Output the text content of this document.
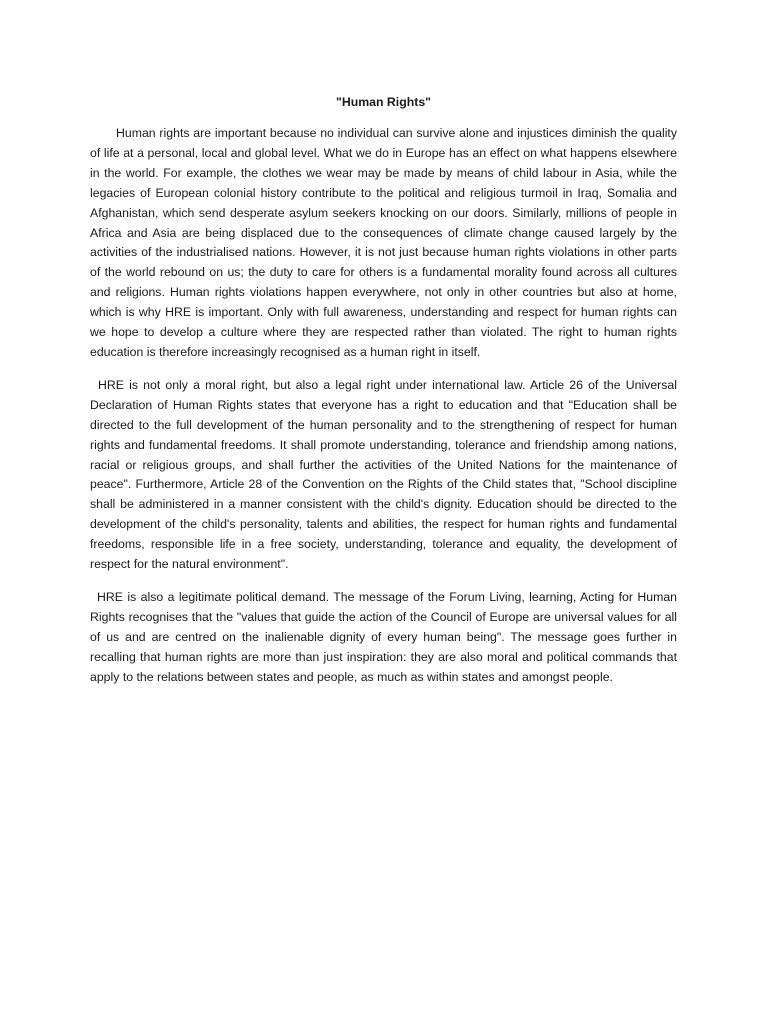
"Human Rights"

Human rights are important because no individual can survive alone and injustices diminish the quality of life at a personal, local and global level. What we do in Europe has an effect on what happens elsewhere in the world. For example, the clothes we wear may be made by means of child labour in Asia, while the legacies of European colonial history contribute to the political and religious turmoil in Iraq, Somalia and Afghanistan, which send desperate asylum seekers knocking on our doors. Similarly, millions of people in Africa and Asia are being displaced due to the consequences of climate change caused largely by the activities of the industrialised nations. However, it is not just because human rights violations in other parts of the world rebound on us; the duty to care for others is a fundamental morality found across all cultures and religions. Human rights violations happen everywhere, not only in other countries but also at home, which is why HRE is important. Only with full awareness, understanding and respect for human rights can we hope to develop a culture where they are respected rather than violated. The right to human rights education is therefore increasingly recognised as a human right in itself.

HRE is not only a moral right, but also a legal right under international law. Article 26 of the Universal Declaration of Human Rights states that everyone has a right to education and that "Education shall be directed to the full development of the human personality and to the strengthening of respect for human rights and fundamental freedoms. It shall promote understanding, tolerance and friendship among nations, racial or religious groups, and shall further the activities of the United Nations for the maintenance of peace". Furthermore, Article 28 of the Convention on the Rights of the Child states that, "School discipline shall be administered in a manner consistent with the child's dignity. Education should be directed to the development of the child's personality, talents and abilities, the respect for human rights and fundamental freedoms, responsible life in a free society, understanding, tolerance and equality, the development of respect for the natural environment".

HRE is also a legitimate political demand. The message of the Forum Living, learning, Acting for Human Rights recognises that the "values that guide the action of the Council of Europe are universal values for all of us and are centred on the inalienable dignity of every human being". The message goes further in recalling that human rights are more than just inspiration: they are also moral and political commands that apply to the relations between states and people, as much as within states and amongst people.
